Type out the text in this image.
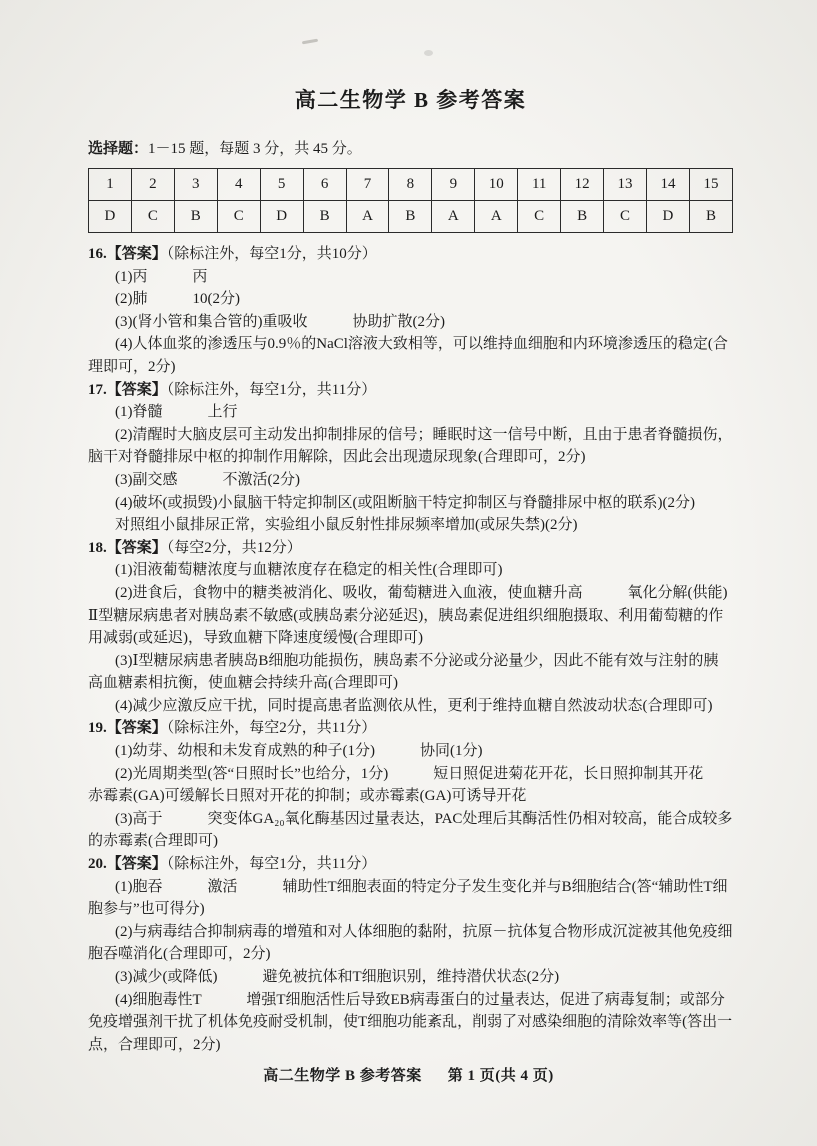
高二生物学 B 参考答案

选择题：1－15 题，每题 3 分，共 45 分。

1	2	3	4	5	6	7	8	9	10	11	12	13	14	15
D	C	B	C	D	B	A	B	A	A	C	B	C	D	B

16.【答案】（除标注外，每空1分，共10分）

(1)丙　　　丙

(2)肺　　　10(2分)

(3)(肾小管和集合管的)重吸收　　　协助扩散(2分)

(4)人体血浆的渗透压与0.9％的NaCl溶液大致相等，可以维持血细胞和内环境渗透压的稳定(合理即可，2分)

17.【答案】（除标注外，每空1分，共11分）

(1)脊髓　　　上行

(2)清醒时大脑皮层可主动发出抑制排尿的信号；睡眠时这一信号中断，且由于患者脊髓损伤，脑干对脊髓排尿中枢的抑制作用解除，因此会出现遗尿现象(合理即可，2分)

(3)副交感　　　不激活(2分)

(4)破坏(或损毁)小鼠脑干特定抑制区(或阻断脑干特定抑制区与脊髓排尿中枢的联系)(2分)

对照组小鼠排尿正常，实验组小鼠反射性排尿频率增加(或尿失禁)(2分)

18.【答案】（每空2分，共12分）

(1)泪液葡萄糖浓度与血糖浓度存在稳定的相关性(合理即可)

(2)进食后，食物中的糖类被消化、吸收，葡萄糖进入血液，使血糖升高　　　氧化分解(供能)

Ⅱ型糖尿病患者对胰岛素不敏感(或胰岛素分泌延迟)，胰岛素促进组织细胞摄取、利用葡萄糖的作用减弱(或延迟)，导致血糖下降速度缓慢(合理即可)

(3)Ⅰ型糖尿病患者胰岛B细胞功能损伤，胰岛素不分泌或分泌量少，因此不能有效与注射的胰高血糖素相抗衡，使血糖会持续升高(合理即可)

(4)减少应激反应干扰，同时提高患者监测依从性，更利于维持血糖自然波动状态(合理即可)

19.【答案】（除标注外，每空2分，共11分）

(1)幼芽、幼根和未发育成熟的种子(1分)　　　协同(1分)

(2)光周期类型(答“日照时长”也给分，1分)　　　短日照促进菊花开花，长日照抑制其开花

赤霉素(GA)可缓解长日照对开花的抑制；或赤霉素(GA)可诱导开花

(3)高于　　　突变体GA₂₀氧化酶基因过量表达，PAC处理后其酶活性仍相对较高，能合成较多的赤霉素(合理即可)

20.【答案】（除标注外，每空1分，共11分）

(1)胞吞　　　激活　　　辅助性T细胞表面的特定分子发生变化并与B细胞结合(答“辅助性T细胞参与”也可得分)

(2)与病毒结合抑制病毒的增殖和对人体细胞的黏附，抗原－抗体复合物形成沉淀被其他免疫细胞吞噬消化(合理即可，2分)

(3)减少(或降低)　　　避免被抗体和T细胞识别，维持潜伏状态(2分)

(4)细胞毒性T　　　增强T细胞活性后导致EB病毒蛋白的过量表达，促进了病毒复制；或部分免疫增强剂干扰了机体免疫耐受机制，使T细胞功能紊乱，削弱了对感染细胞的清除效率等(答出一点，合理即可，2分)

高二生物学 B 参考答案 第 1 页(共 4 页)
